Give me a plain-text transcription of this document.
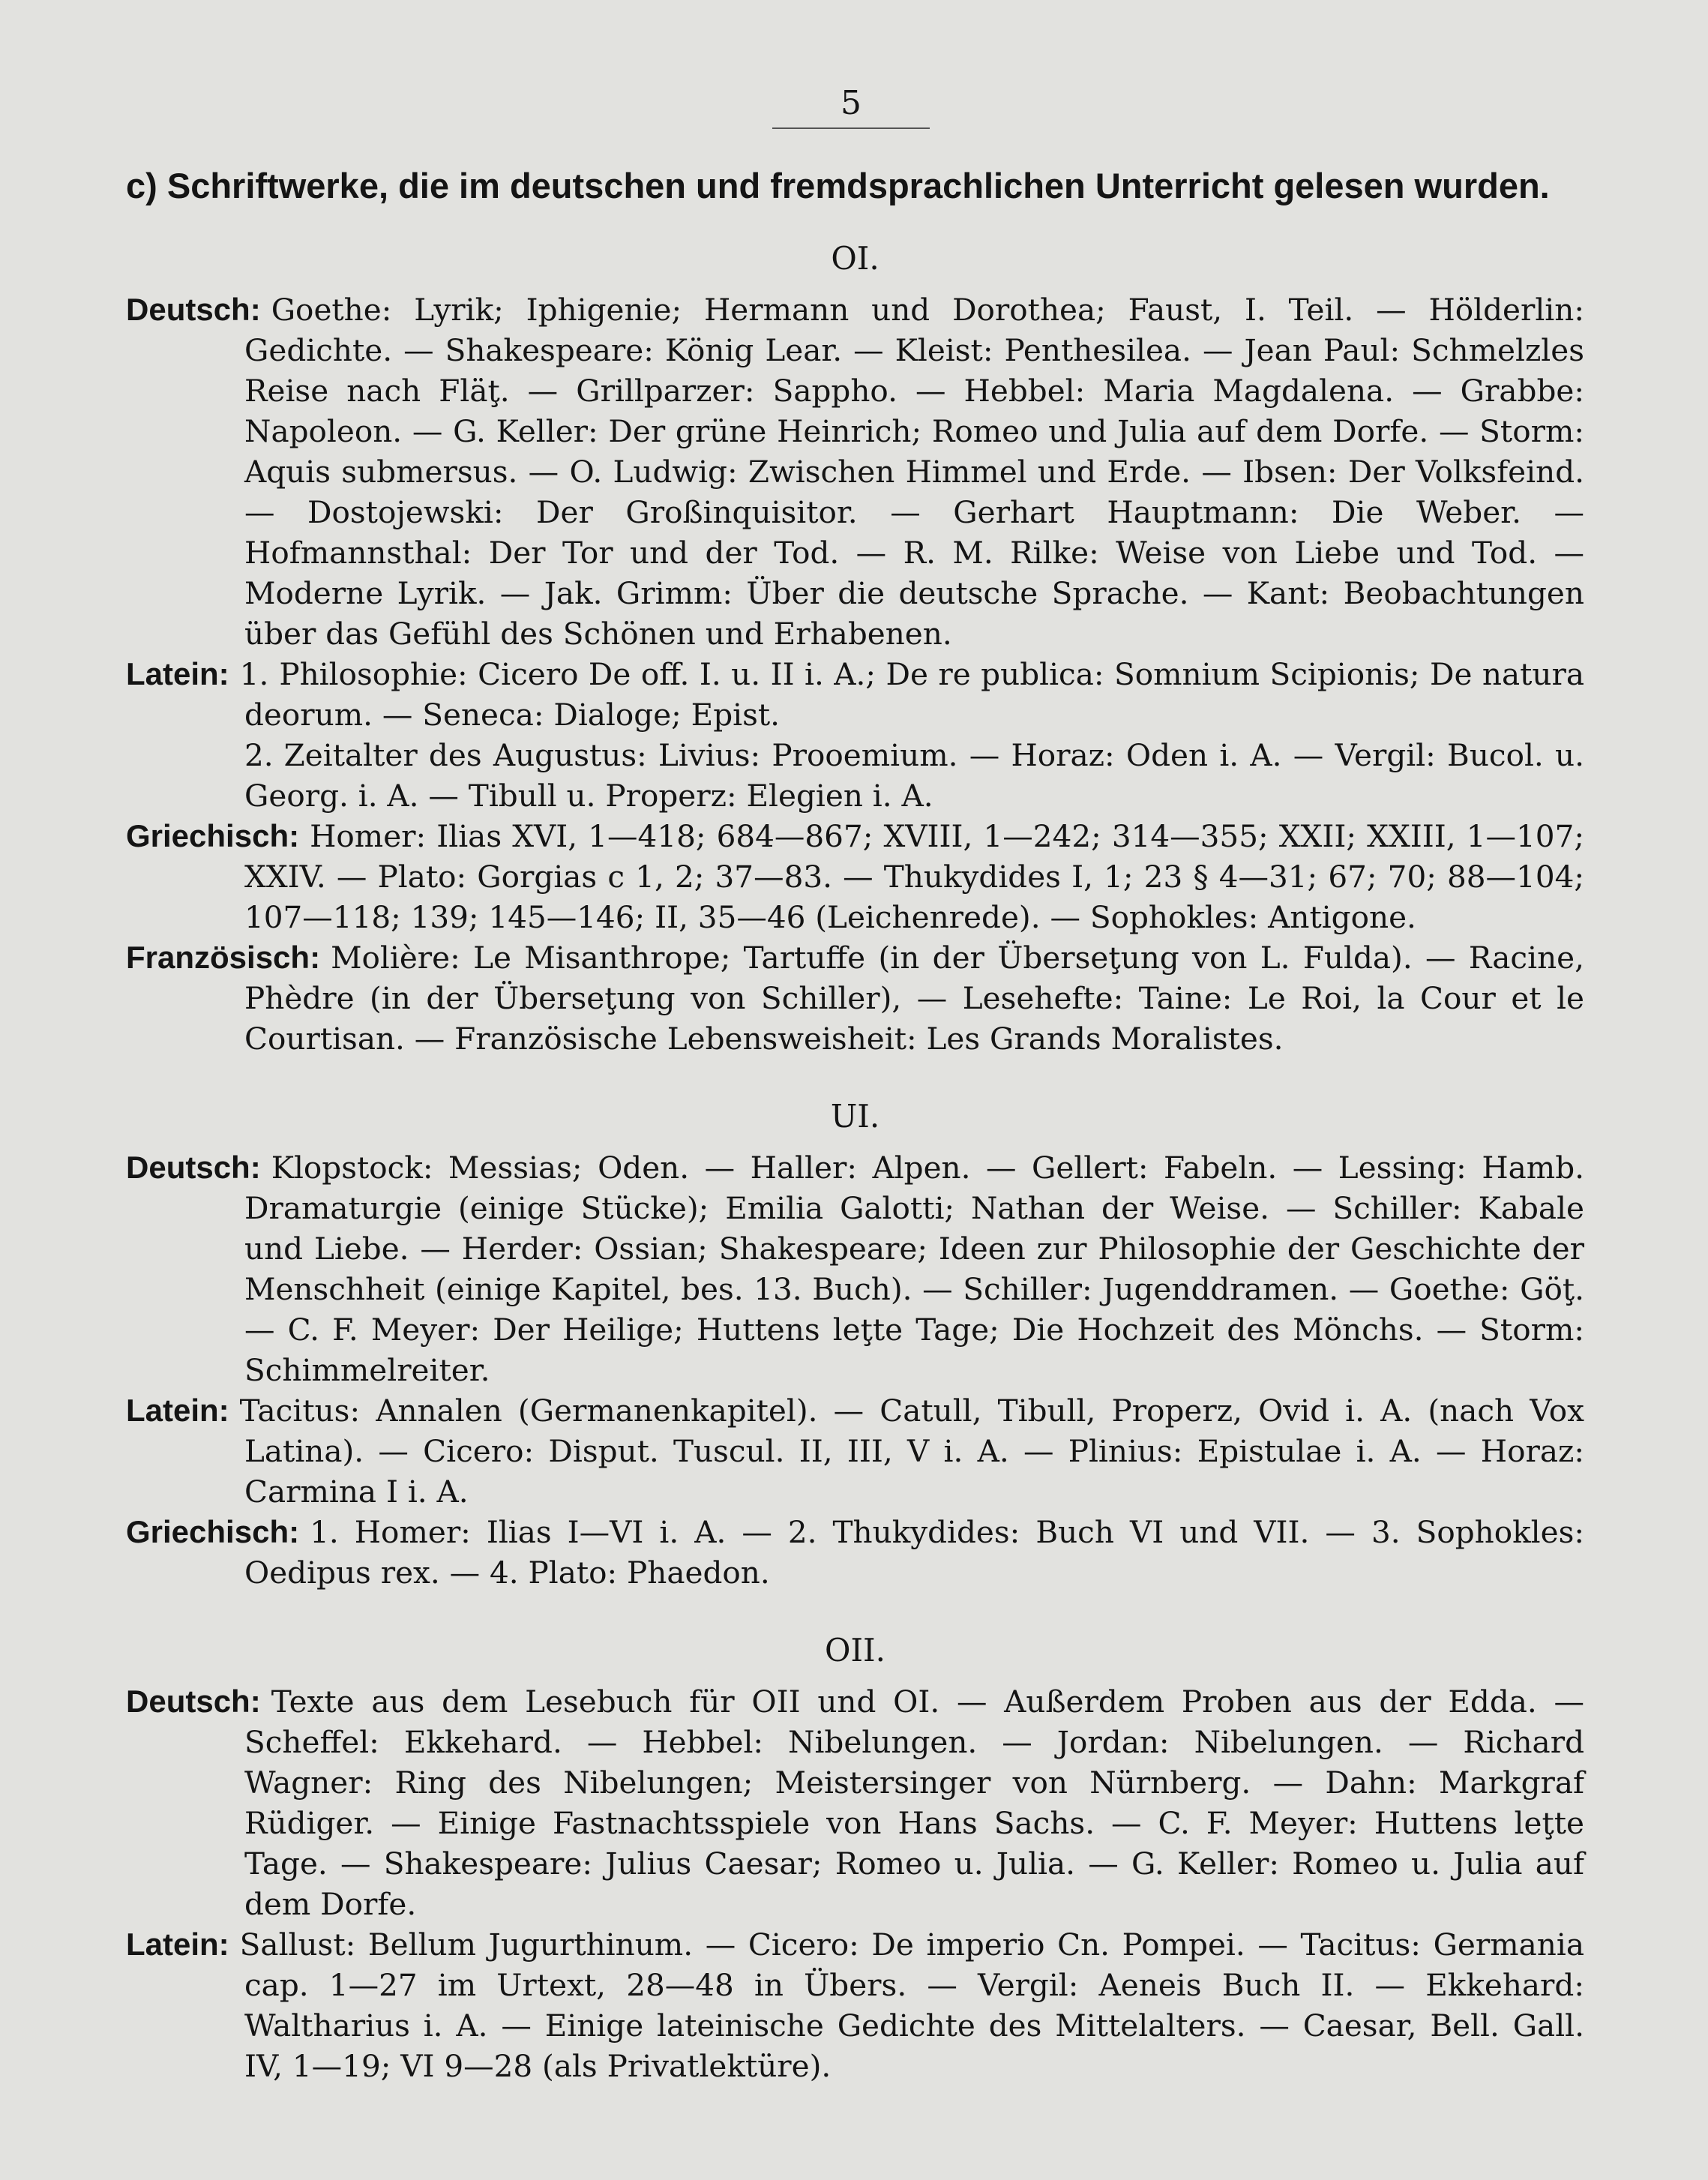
5
c) Schriftwerke, die im deutschen und fremdsprachlichen Unterricht gelesen wurden.
OI.
Deutsch: Goethe: Lyrik; Iphigenie; Hermann und Dorothea; Faust, I. Teil. — Hölderlin: Gedichte. — Shakespeare: König Lear. — Kleist: Penthesilea. — Jean Paul: Schmelzles Reise nach Fläţ. — Grillparzer: Sappho. — Hebbel: Maria Magdalena. — Grabbe: Napoleon. — G. Keller: Der grüne Heinrich; Romeo und Julia auf dem Dorfe. — Storm: Aquis submersus. — O. Ludwig: Zwischen Himmel und Erde. — Ibsen: Der Volksfeind. — Dostojewski: Der Großinquisitor. — Gerhart Hauptmann: Die Weber. — Hofmannsthal: Der Tor und der Tod. — R. M. Rilke: Weise von Liebe und Tod. — Moderne Lyrik. — Jak. Grimm: Über die deutsche Sprache. — Kant: Beobachtungen über das Gefühl des Schönen und Erhabenen.
Latein: 1. Philosophie: Cicero De off. I. u. II i. A.; De re publica: Somnium Scipionis; De natura deorum. — Seneca: Dialoge; Epist.
2. Zeitalter des Augustus: Livius: Prooemium. — Horaz: Oden i. A. — Vergil: Bucol. u. Georg. i. A. — Tibull u. Properz: Elegien i. A.
Griechisch: Homer: Ilias XVI, 1—418; 684—867; XVIII, 1—242; 314—355; XXII; XXIII, 1—107; XXIV. — Plato: Gorgias c 1, 2; 37—83. — Thukydides I, 1; 23 § 4—31; 67; 70; 88—104; 107—118; 139; 145—146; II, 35—46 (Leichenrede). — Sophokles: Antigone.
Französisch: Molière: Le Misanthrope; Tartuffe (in der Überseţung von L. Fulda). — Racine, Phèdre (in der Überseţung von Schiller), — Lesehefte: Taine: Le Roi, la Cour et le Courtisan. — Französische Lebensweisheit: Les Grands Moralistes.
UI.
Deutsch: Klopstock: Messias; Oden. — Haller: Alpen. — Gellert: Fabeln. — Lessing: Hamb. Dramaturgie (einige Stücke); Emilia Galotti; Nathan der Weise. — Schiller: Kabale und Liebe. — Herder: Ossian; Shakespeare; Ideen zur Philosophie der Geschichte der Menschheit (einige Kapitel, bes. 13. Buch). — Schiller: Jugenddramen. — Goethe: Göţ. — C. F. Meyer: Der Heilige; Huttens leţte Tage; Die Hochzeit des Mönchs. — Storm: Schimmelreiter.
Latein: Tacitus: Annalen (Germanenkapitel). — Catull, Tibull, Properz, Ovid i. A. (nach Vox Latina). — Cicero: Disput. Tuscul. II, III, V i. A. — Plinius: Epistulae i. A. — Horaz: Carmina I i. A.
Griechisch: 1. Homer: Ilias I—VI i. A. — 2. Thukydides: Buch VI und VII. — 3. Sophokles: Oedipus rex. — 4. Plato: Phaedon.
OII.
Deutsch: Texte aus dem Lesebuch für OII und OI. — Außerdem Proben aus der Edda. — Scheffel: Ekkehard. — Hebbel: Nibelungen. — Jordan: Nibelungen. — Richard Wagner: Ring des Nibelungen; Meistersinger von Nürnberg. — Dahn: Markgraf Rüdiger. — Einige Fastnachtsspiele von Hans Sachs. — C. F. Meyer: Huttens leţte Tage. — Shakespeare: Julius Caesar; Romeo u. Julia. — G. Keller: Romeo u. Julia auf dem Dorfe.
Latein: Sallust: Bellum Jugurthinum. — Cicero: De imperio Cn. Pompei. — Tacitus: Germania cap. 1—27 im Urtext, 28—48 in Übers. — Vergil: Aeneis Buch II. — Ekkehard: Waltharius i. A. — Einige lateinische Gedichte des Mittelalters. — Caesar, Bell. Gall. IV, 1—19; VI 9—28 (als Privatlektüre).
